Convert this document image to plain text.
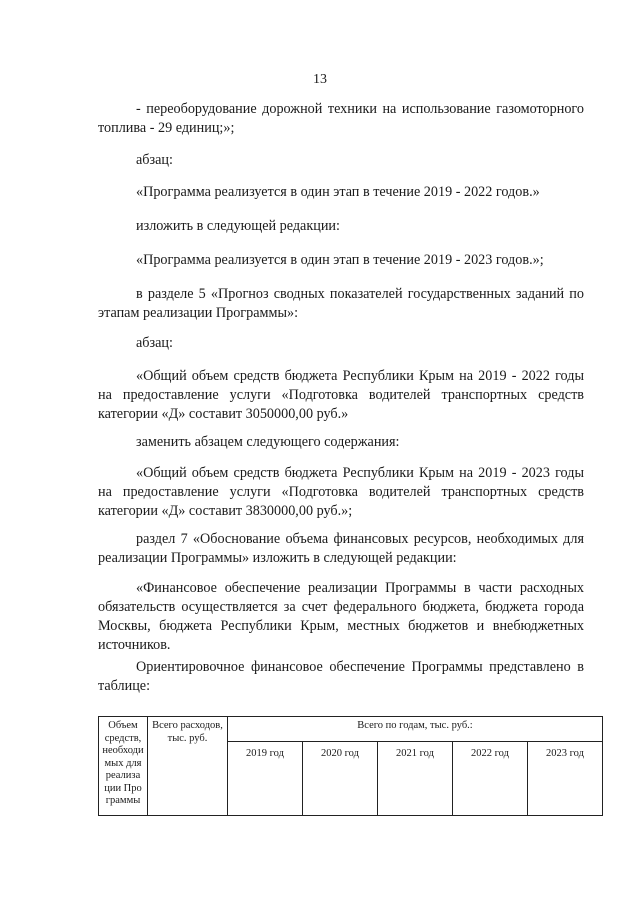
13
- переоборудование дорожной техники на использование газомоторного топлива - 29 единиц;»;
абзац:
«Программа реализуется в один этап в течение 2019 - 2022 годов.»
изложить в следующей редакции:
«Программа реализуется в один этап в течение 2019 - 2023 годов.»;
в разделе 5 «Прогноз сводных показателей государственных заданий по этапам реализации Программы»:
абзац:
«Общий объем средств бюджета Республики Крым на 2019 - 2022 годы на предоставление услуги «Подготовка водителей транспортных средств категории «Д» составит 3050000,00 руб.»
заменить абзацем следующего содержания:
«Общий объем средств бюджета Республики Крым на 2019 - 2023 годы на предоставление услуги «Подготовка водителей транспортных средств категории «Д» составит 3830000,00 руб.»;
раздел 7 «Обоснование объема финансовых ресурсов, необходимых для реализации Программы» изложить в следующей редакции:
«Финансовое обеспечение реализации Программы в части расходных обязательств осуществляется за счет федерального бюджета, бюджета города Москвы, бюджета Республики Крым, местных бюджетов и внебюджетных источников.
Ориентировочное финансовое обеспечение Программы представлено в таблице:
Объем средств, необходи мых для реализа ции Про граммы	Всего расходов, тыс. руб.	Всего по годам, тыс. руб.:				
		2019 год	2020 год	2021 год	2022 год	2023 год
